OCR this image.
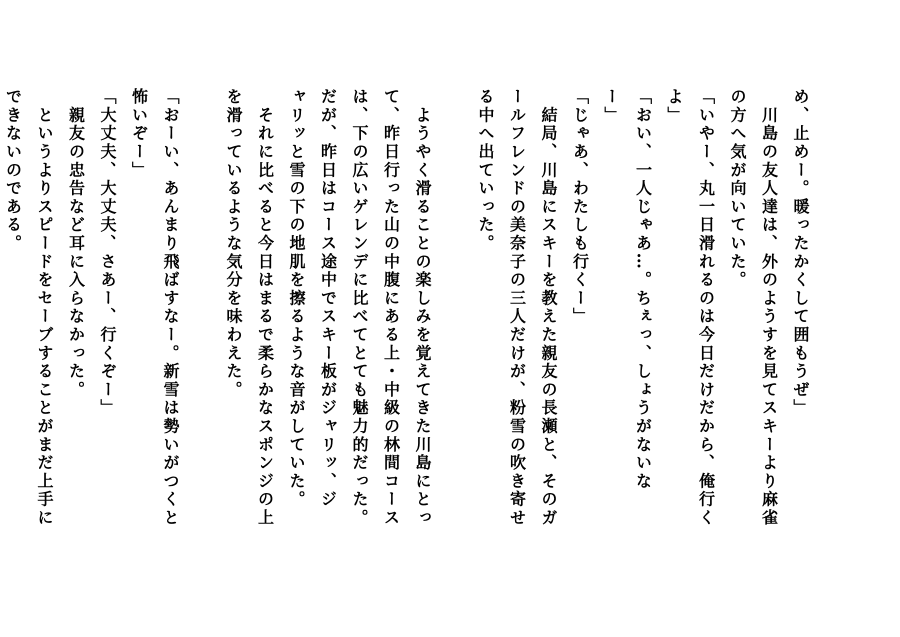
め、止めー。暖ったかくして囲もうぜ」
　川島の友人達は、外のようすを見てスキーより麻雀
の方へ気が向いていた。
「いやー、丸一日滑れるのは今日だけだから、俺行く
よ」
「おい、一人じゃあ…。ちぇっ、しょうがないな
ー」
「じゃあ、わたしも行くー」
　結局、川島にスキーを教えた親友の長瀬と、そのガ
ールフレンドの美奈子の三人だけが、粉雪の吹き寄せ
る中へ出ていった。

　ようやく滑ることの楽しみを覚えてきた川島にとっ
て、昨日行った山の中腹にある上・中級の林間コース
は、下の広いゲレンデに比べてとても魅力的だった。
だが、昨日はコース途中でスキー板がジャリッ、ジ
ャリッと雪の下の地肌を擦るような音がしていた。
　それに比べると今日はまるで柔らかなスポンジの上
を滑っているような気分を味わえた。

「おーい、あんまり飛ばすなー。新雪は勢いがつくと
怖いぞー」
「大丈夫、大丈夫、さあー、行くぞー」
　親友の忠告など耳に入らなかった。
　というよりスピードをセーブすることがまだ上手に
できないのである。
